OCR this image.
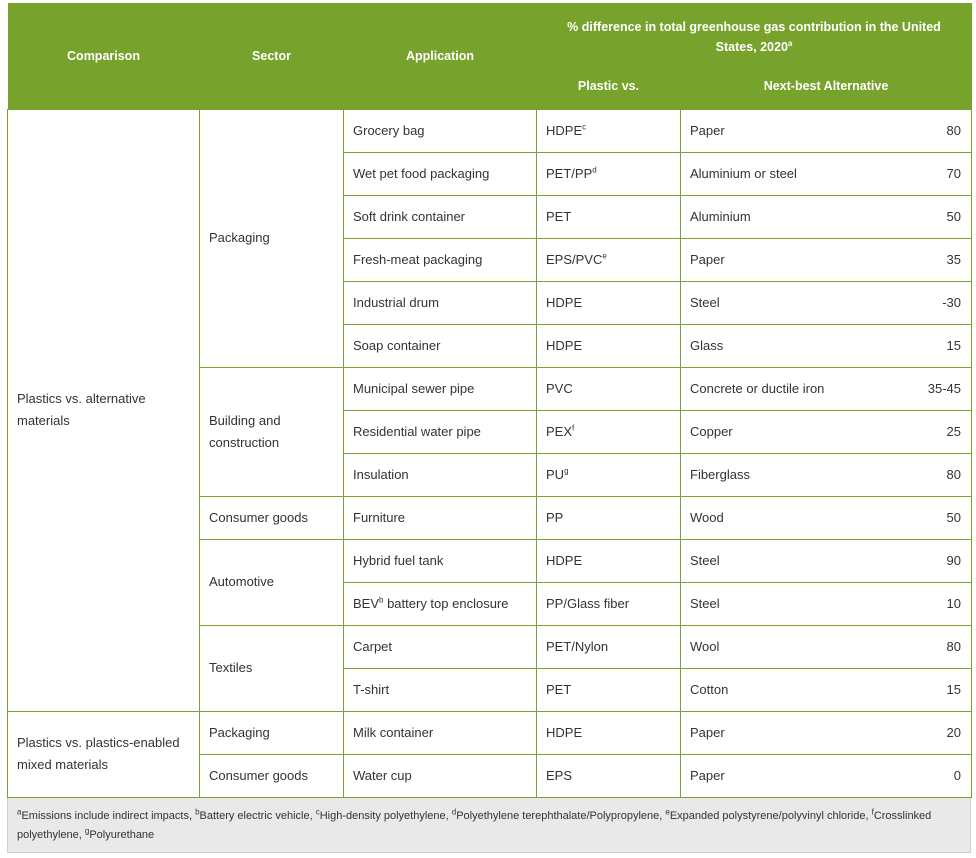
Comparison	Sector	Application	% difference in total greenhouse gas contribution in the United States, 2020$^a$
			Plastic vs.	Next-best Alternative
Plastics vs. alternative materials	Packaging	Grocery bag	HDPE$^c$	Paper 80

		Wet pet food packaging	PET/$PP^d$	Aluminium or steel 70

		Soft drink container	PET	Aluminium 50

		Fresh-meat packaging	EPS/PVC$^e$	Paper 35

		Industrial drum	HDPE	Steel -30

		Soap container	HDPE	Glass 15

	Building and construction	Municipal sewer pipe	PVC	Concrete or ductile iron 35-45

		Residential water pipe	PEX$^f$	Copper 25

		Insulation	$PU^g$	Fiberglass 80

	Consumer goods	Furniture	PP	Wood 50

	Automotive	Hybrid fuel tank	HDPE	Steel 90

		BEV$^b$ battery top enclosure	PP/Glass fiber	Steel 10

	Textiles	Carpet	PET/Nylon	Wool 80

		T-shirt	PET	Cotton 15

Plastics vs. plastics-enabled mixed materials	Packaging	Milk container	HDPE	Paper 20

	Consumer goods	Water cup	EPS	Paper 0
$^a$Emissions include indirect impacts, $^b$Battery electric vehicle, $^c$High-density polyethylene, $^d$Polyethylene terephthalate/Polypropylene, $^e$Expanded polystyrene/polyvinyl chloride, $^f$Crosslinked polyethylene, $^g$Polyurethane
